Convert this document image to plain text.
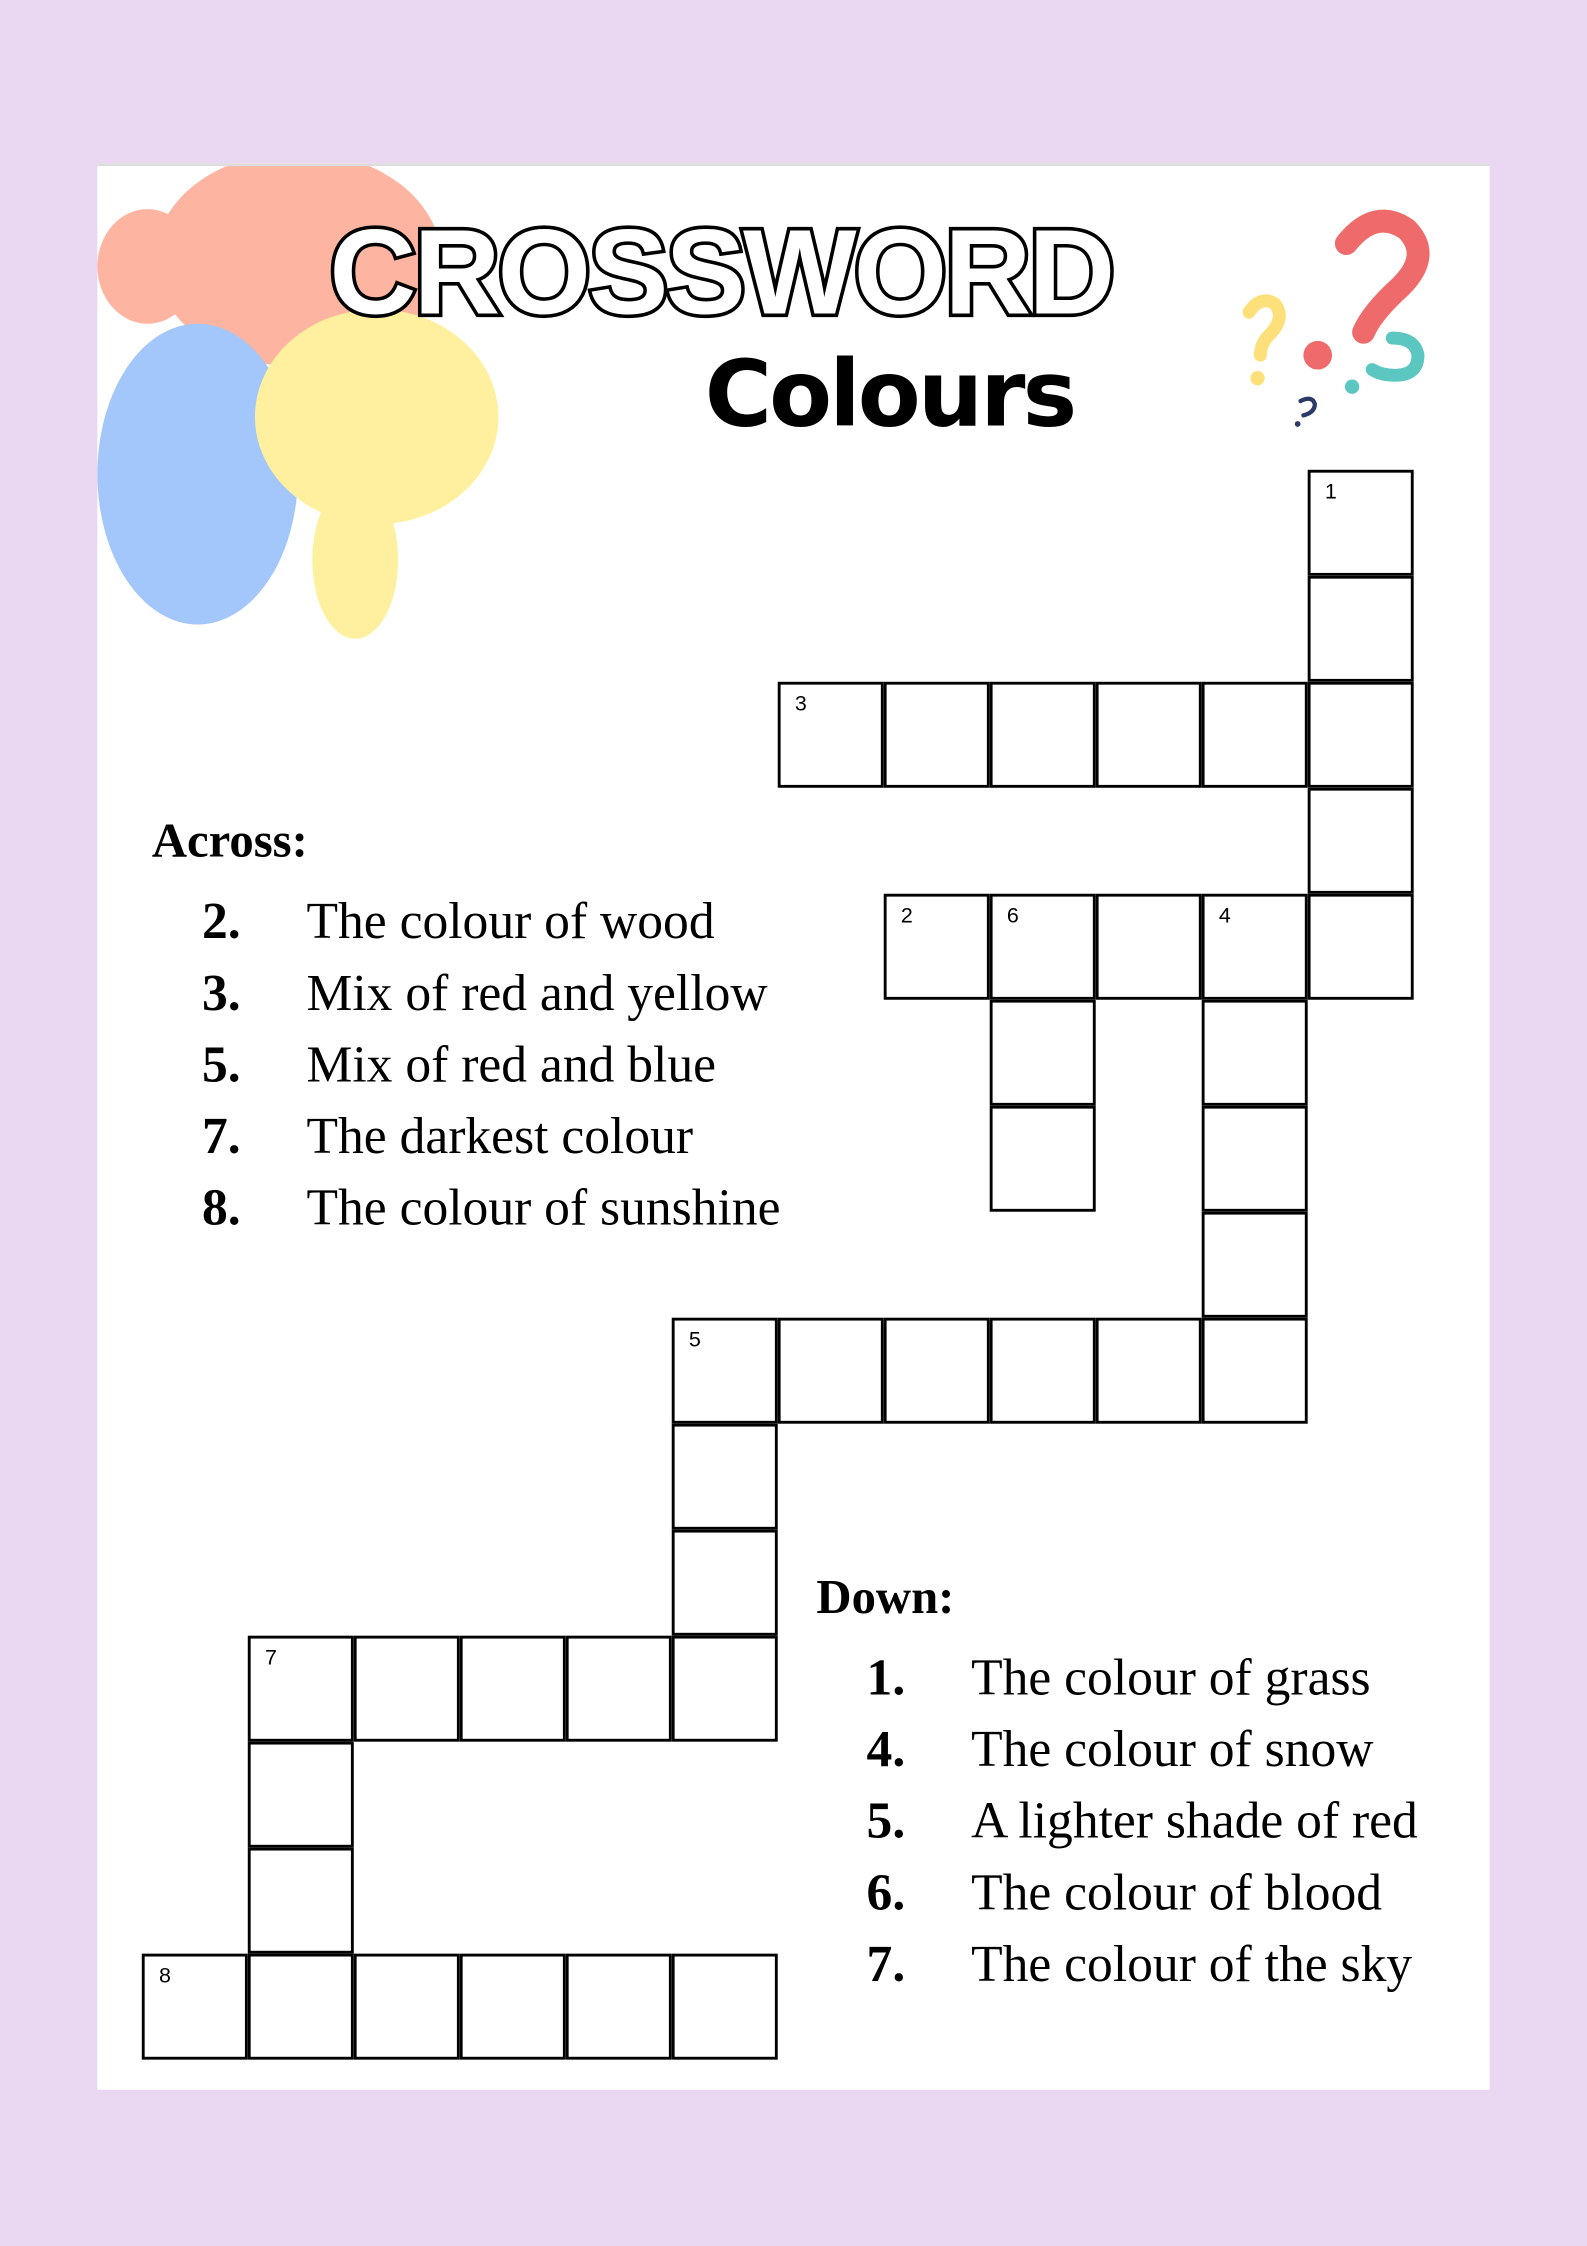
CROSSWORD
Colours
1
3
2	6	4
5
7
8
Across:
2.	The colour of wood
3.	Mix of red and yellow
5.	Mix of red and blue
7.	The darkest colour
8.	The colour of sunshine
Down:
1.	The colour of grass
4.	The colour of snow
5.	A lighter shade of red
6.	The colour of blood
7.	The colour of the sky
